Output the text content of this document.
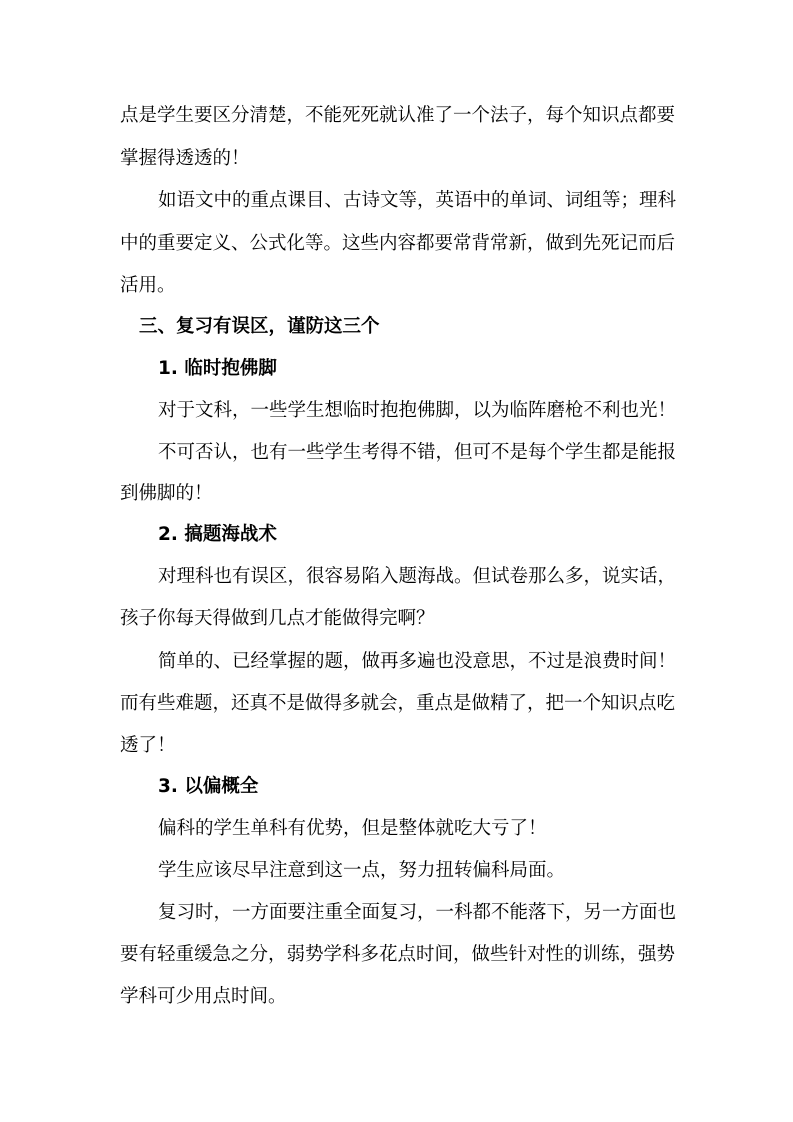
点是学生要区分清楚，不能死死就认准了一个法子，每个知识点都要
掌握得透透的！
如语文中的重点课目、古诗文等，英语中的单词、词组等；理科
中的重要定义、公式化等。这些内容都要常背常新，做到先死记而后
活用。
三、复习有误区，谨防这三个
1. 临时抱佛脚
对于文科，一些学生想临时抱抱佛脚，以为临阵磨枪不利也光！
不可否认，也有一些学生考得不错，但可不是每个学生都是能报
到佛脚的！
2. 搞题海战术
对理科也有误区，很容易陷入题海战。但试卷那么多，说实话，
孩子你每天得做到几点才能做得完啊？
简单的、已经掌握的题，做再多遍也没意思，不过是浪费时间！
而有些难题，还真不是做得多就会，重点是做精了，把一个知识点吃
透了！
3. 以偏概全
偏科的学生单科有优势，但是整体就吃大亏了！
学生应该尽早注意到这一点，努力扭转偏科局面。
复习时，一方面要注重全面复习，一科都不能落下，另一方面也
要有轻重缓急之分，弱势学科多花点时间，做些针对性的训练，强势
学科可少用点时间。
